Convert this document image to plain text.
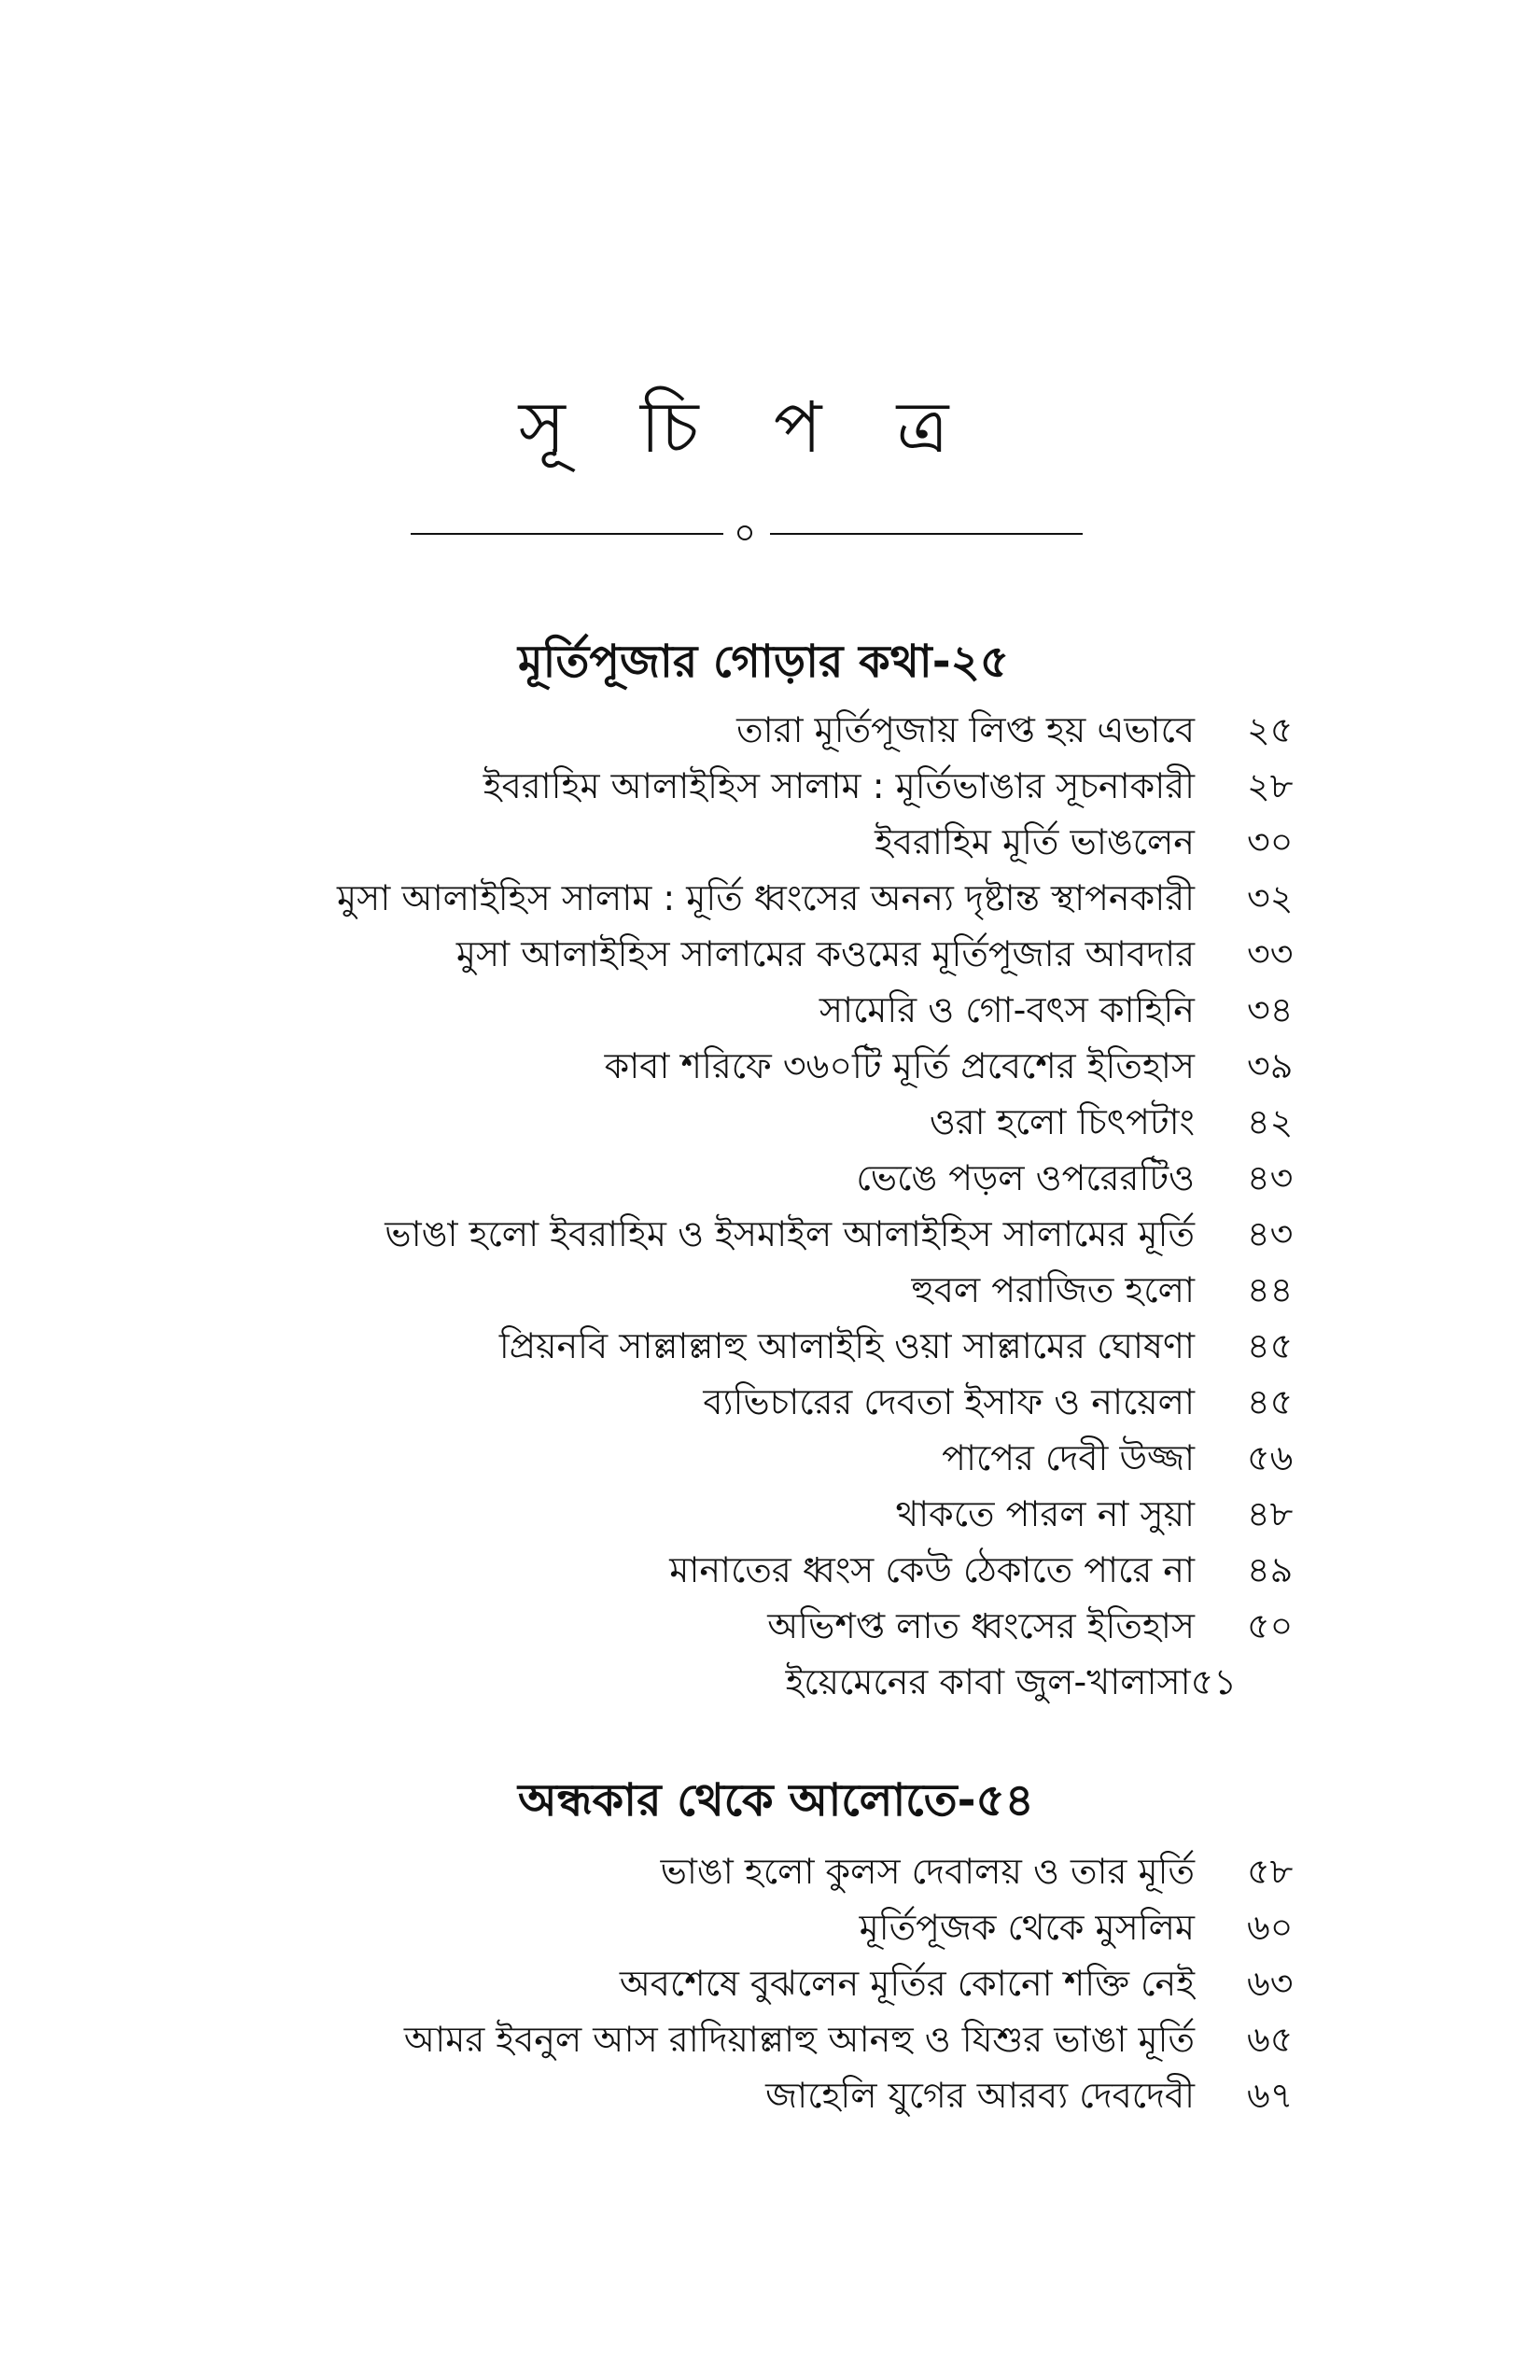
সূ চি প ত্র
মূর্তিপূজার গোড়ার কথা-২৫
তারা মূর্তিপূজায় লিপ্ত হয় এভাবে ২৫
ইবরাহিম আলাইহিস সালাম : মূর্তিভাঙার সূচনাকারী ২৮
ইবরাহিম মূর্তি ভাঙলেন ৩০
মুসা আলাইহিস সালাম : মূর্তি ধ্বংসের অনন্য দৃষ্টান্ত স্থাপনকারী ৩২
মুসা আলাইহিস সালামের কওমের মূর্তিপূজার আবদার ৩৩
সামেরি ও গো-বৎস কাহিনি ৩৪
কাবা শরিফে ৩৬০টি মূর্তি প্রবেশের ইতিহাস ৩৯
ওরা হলো চিৎপটাং ৪২
ভেঙে পড়ল ওপরেরটিও ৪৩
ভাঙা হলো ইবরাহিম ও ইসমাইল আলাইহিস সালামের মূর্তি ৪৩
হুবল পরাজিত হলো ৪৪
প্রিয়নবি সাল্লাল্লাহু আলাইহি ওয়া সাল্লামের ঘোষণা ৪৫
ব্যভিচারের দেবতা ইসাফ ও নায়েলা ৪৫
পাপের দেবী উজ্জা ৫৬
থাকতে পারল না সুয়া ৪৮
মানাতের ধ্বংস কেউ ঠেকাতে পারে না ৪৯
অভিশপ্ত লাত ধ্বংসের ইতিহাস ৫০
ইয়েমেনের কাবা জুল-খালাসা৫১
অন্ধকার থেকে আলোতে-৫৪
ভাঙা হলো কুলস দেবালয় ও তার মূর্তি ৫৮
মূর্তিপূজক থেকে মুসলিম ৬০
অবশেষে বুঝলেন মূর্তির কোনো শক্তি নেই ৬৩
আমর ইবনুল আস রাদিয়াল্লাহু আনহু ও যিশুর ভাঙা মূর্তি ৬৫
জাহেলি যুগের আরব্য দেবদেবী ৬৭
